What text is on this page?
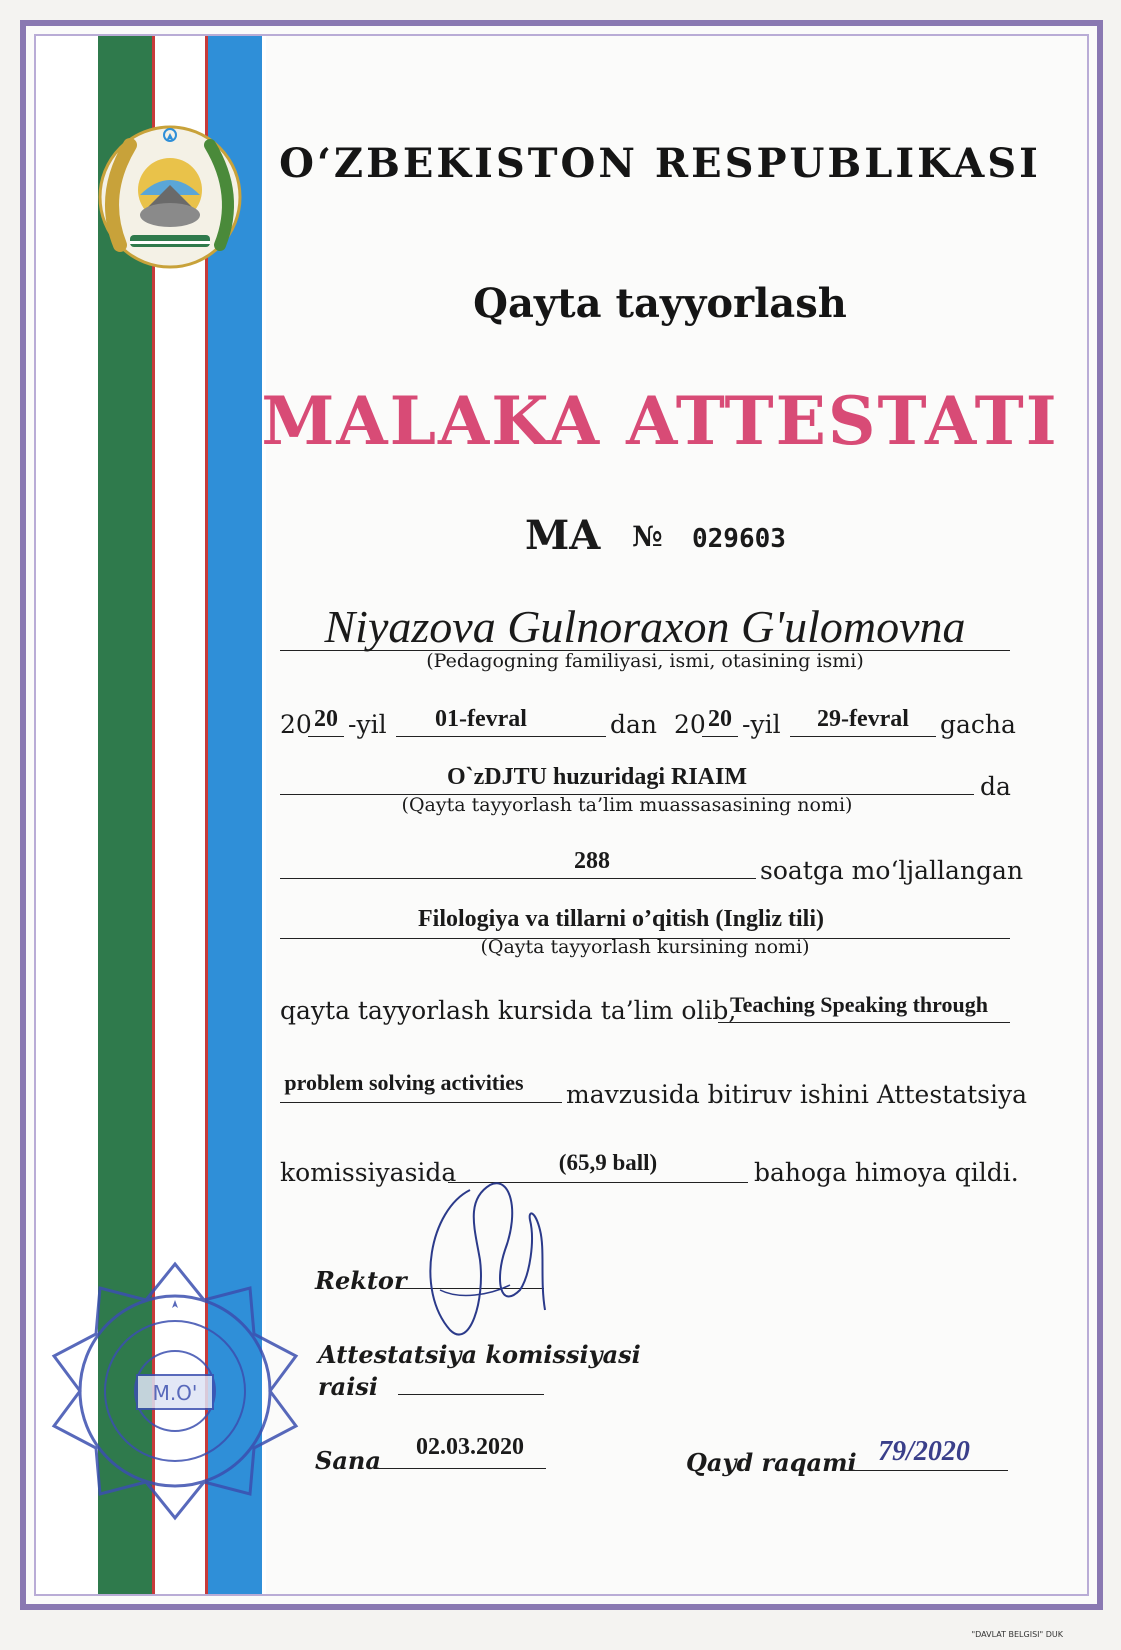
O‘ZBEKISTON RESPUBLIKASI
Qayta tayyorlash
MALAKA ATTESTATI
MA № 029603
Niyazova Gulnoraxon G'ulomovna
(Pedagogning familiyasi, ismi, otasining ismi)
20 20 -yil	01-fevral	dan 20 20 -yil	29-fevral	gacha
O`zDJTU huzuridagi RIAIM	da
(Qayta tayyorlash ta’lim muassasasining nomi)
288	soatga mo‘ljallangan
Filologiya va tillarni o’qitish (Ingliz tili)
(Qayta tayyorlash kursining nomi)
qayta tayyorlash kursida ta’lim olib,
Teaching Speaking through
problem solving activities mavzusida bitiruv ishini Attestatsiya
komissiyasida	(65,9 ball)	bahoga himoya qildi.
Rektor
Attestatsiya komissiyasi
raisi
Sana	02.03.2020
Qayd raqami 79/2020
M.O'
"DAVLAT BELGISI" DUK
